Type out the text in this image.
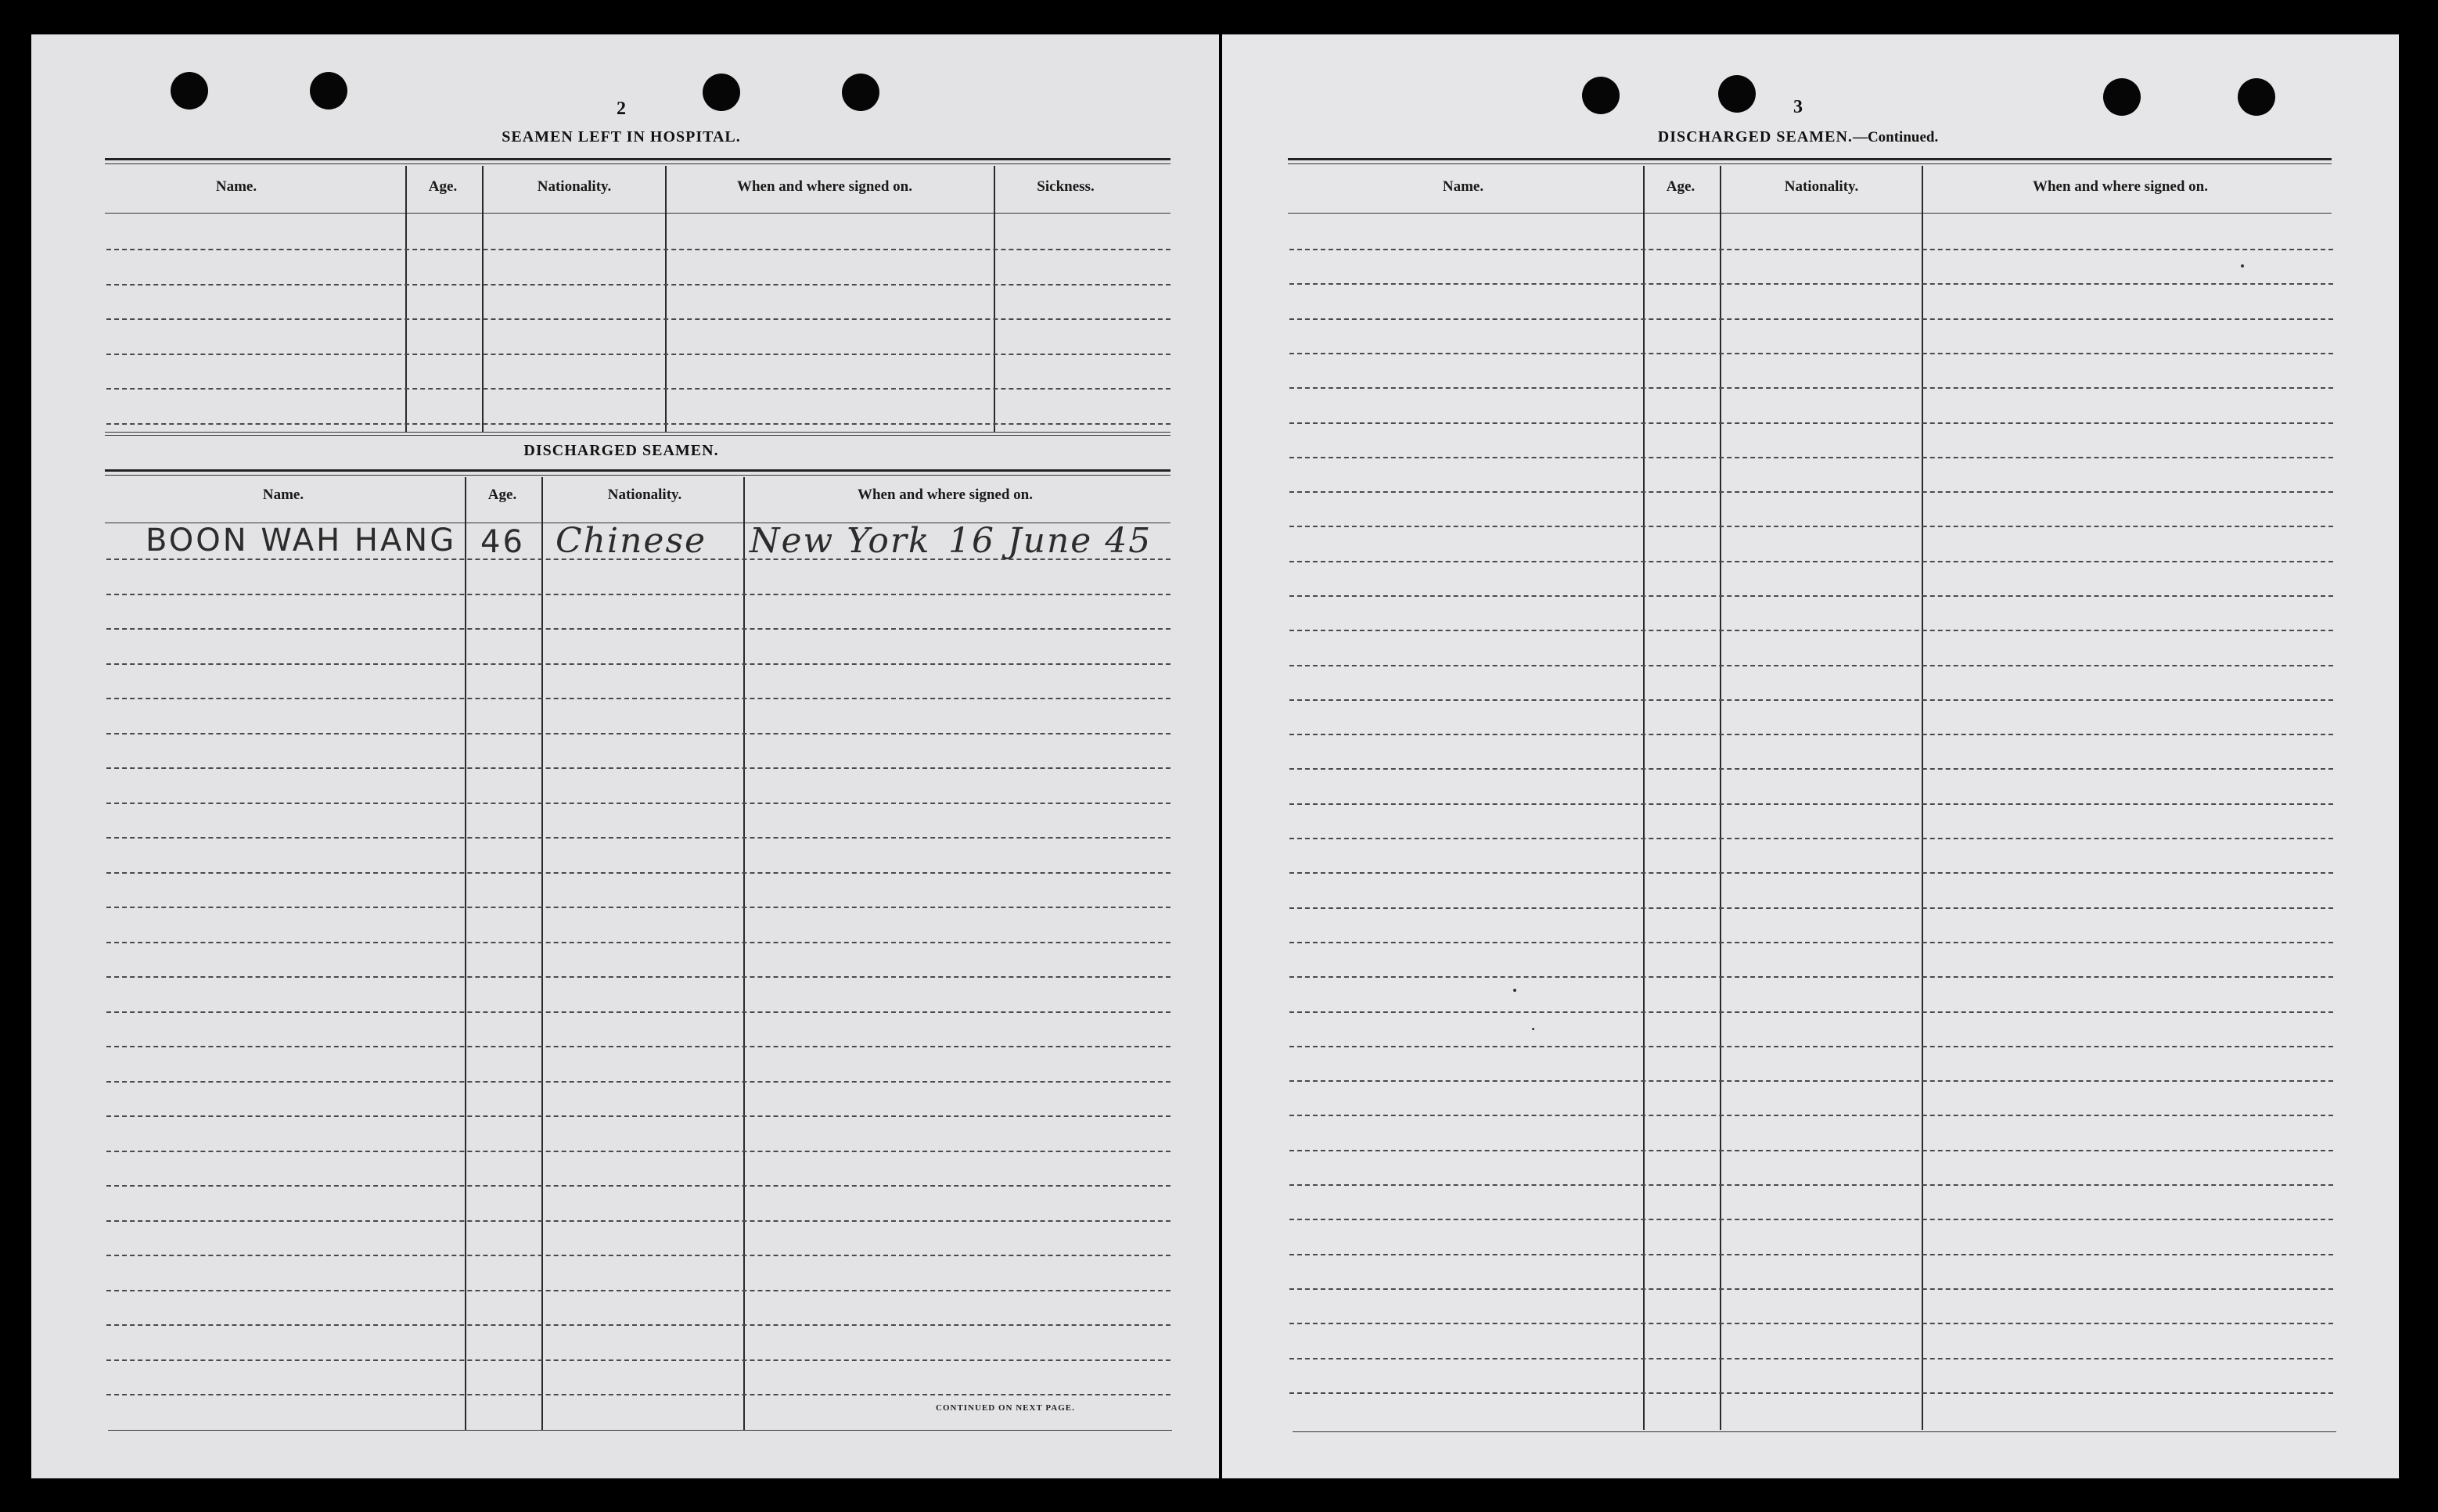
2
SEAMEN LEFT IN HOSPITAL.
Name.	Age.	Nationality.	When and where signed on.	Sickness.
DISCHARGED SEAMEN.
Name.	Age.	Nationality.	When and where signed on.
BOON WAH HANG 46 Chinese New York 16 June 45
CONTINUED ON NEXT PAGE.
3
DISCHARGED SEAMEN.—Continued.
Name.	Age.	Nationality.	When and where signed on.
